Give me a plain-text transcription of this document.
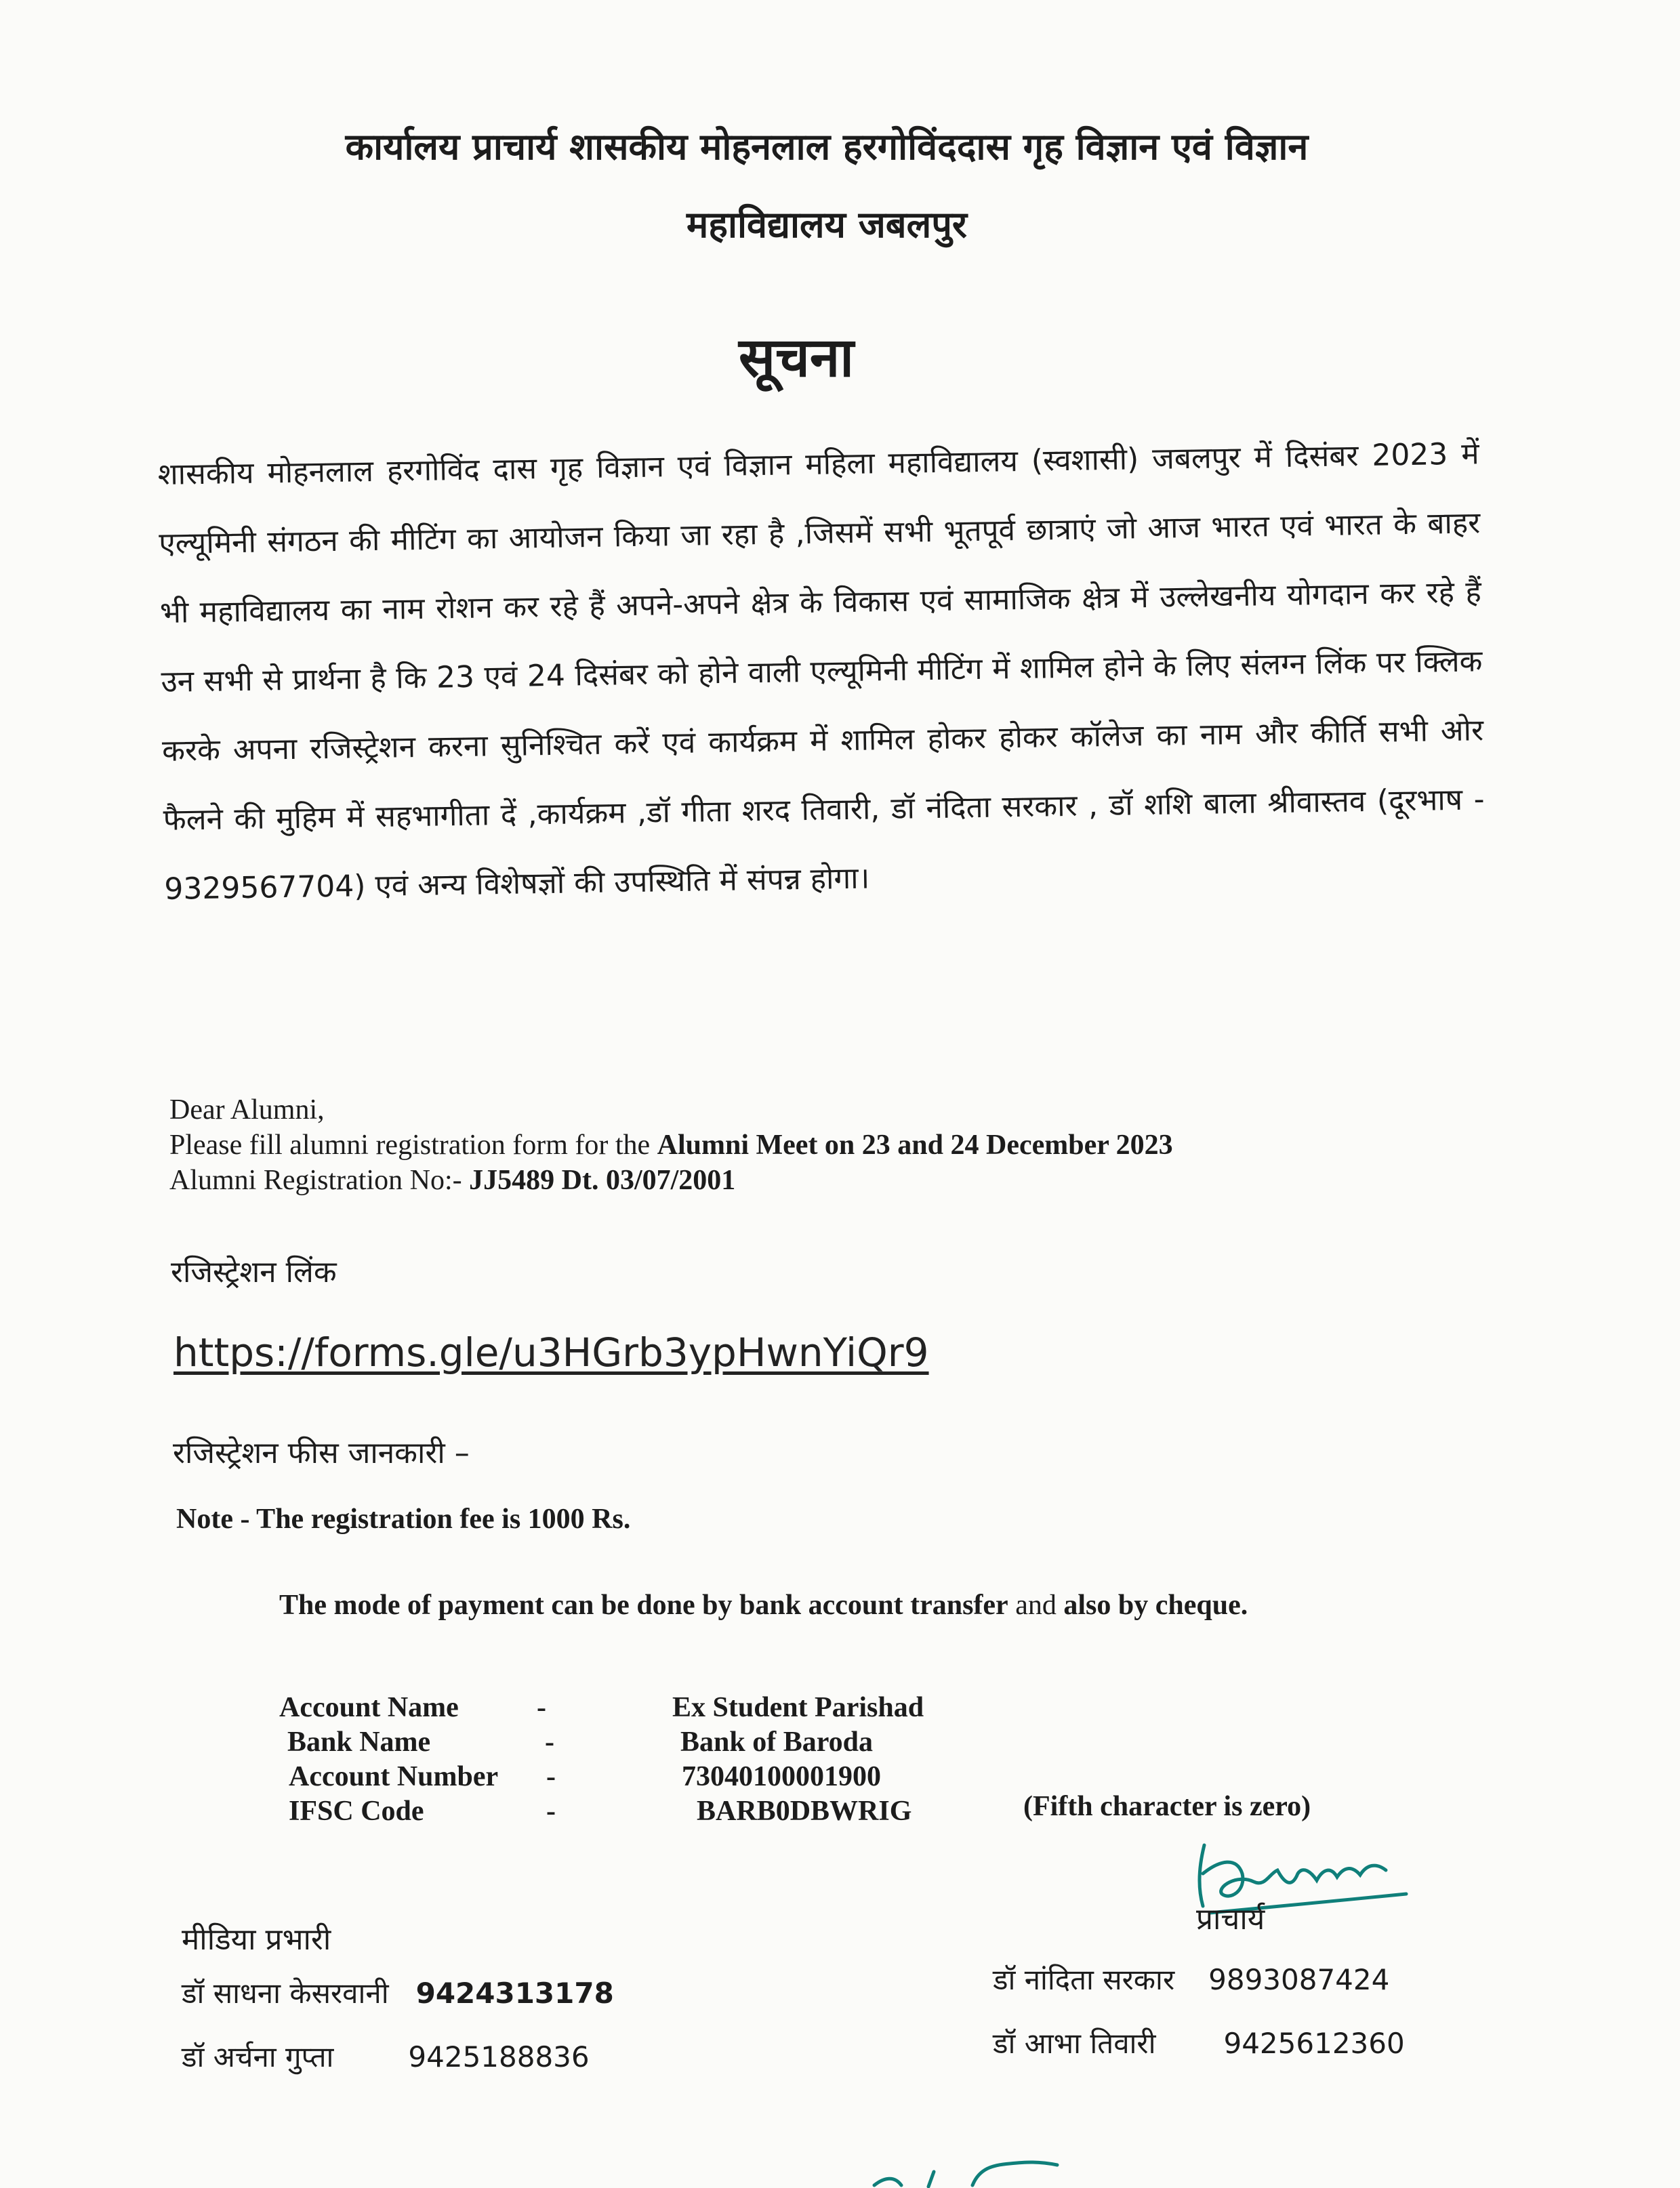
कार्यालय प्राचार्य शासकीय मोहनलाल हरगोविंददास गृह विज्ञान एवं विज्ञान
महाविद्यालय जबलपुर
सूचना
शासकीय मोहनलाल हरगोविंद दास गृह विज्ञान एवं विज्ञान महिला महाविद्यालय (स्वशासी) जबलपुर में दिसंबर 2023 में एल्यूमिनी संगठन की मीटिंग का आयोजन किया जा रहा है ,जिसमें सभी भूतपूर्व छात्राएं जो आज भारत एवं भारत के बाहर भी महाविद्यालय का नाम रोशन कर रहे हैं अपने-अपने क्षेत्र के विकास एवं सामाजिक क्षेत्र में उल्लेखनीय योगदान कर रहे हैं उन सभी से प्रार्थना है कि 23 एवं 24 दिसंबर को होने वाली एल्यूमिनी मीटिंग में शामिल होने के लिए संलग्न लिंक पर क्लिक करके अपना रजिस्ट्रेशन करना सुनिश्चित करें एवं कार्यक्रम में शामिल होकर होकर कॉलेज का नाम और कीर्ति सभी ओर फैलने की मुहिम में सहभागीता दें ,कार्यक्रम ,डॉ गीता शरद तिवारी, डॉ नंदिता सरकार , डॉ शशि बाला श्रीवास्तव (दूरभाष - 9329567704) एवं अन्य विशेषज्ञों की उपस्थिति में संपन्न होगा।
Dear Alumni,
Please fill alumni registration form for the Alumni Meet on 23 and 24 December 2023
Alumni Registration No:- JJ5489 Dt. 03/07/2001
रजिस्ट्रेशन लिंक
https://forms.gle/u3HGrb3ypHwnYiQr9
रजिस्ट्रेशन फीस जानकारी –
Note - The registration fee is 1000 Rs.
The mode of payment can be done by bank account transfer and also by cheque.
Account Name	-	Ex Student Parishad
Bank Name	-	Bank of Baroda
Account Number	-	73040100001900
IFSC Code	-	BARB0DBWRIG	(Fifth character is zero)
प्राचार्य
मीडिया प्रभारी
डॉ साधना केसरवानी 9424313178
डॉ अर्चना गुप्ता	9425188836
डॉ नांदिता सरकार 9893087424
डॉ आभा तिवारी 9425612360
